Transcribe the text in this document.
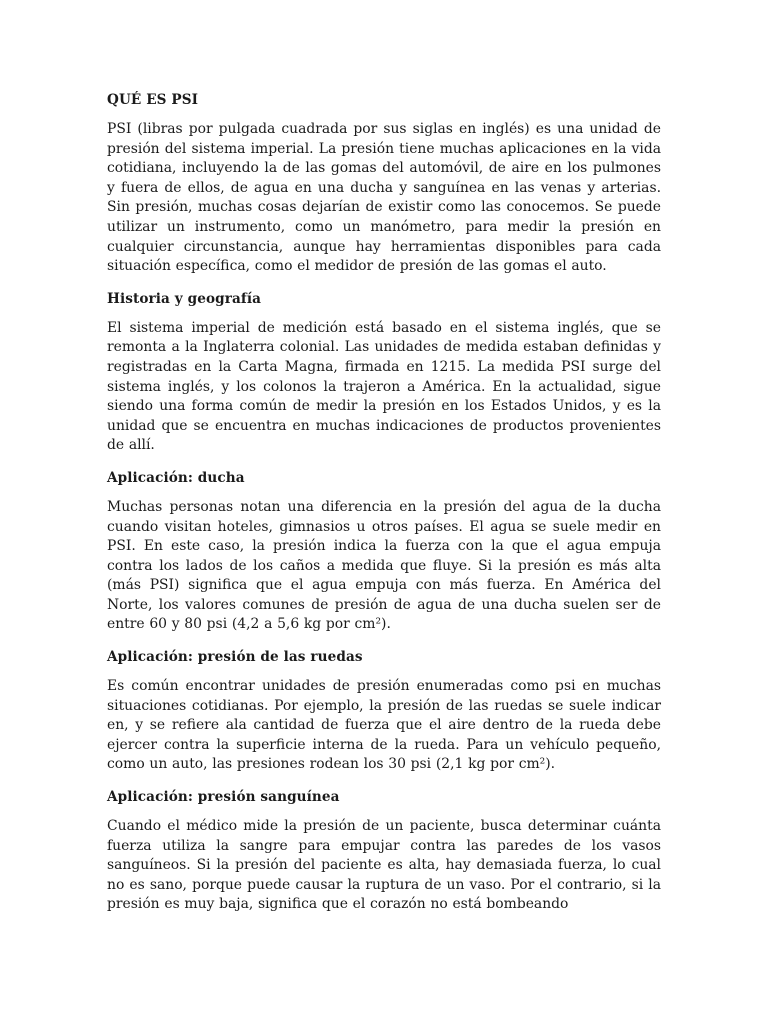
QUÉ ES PSI

PSI (libras por pulgada cuadrada por sus siglas en inglés) es una unidad de presión del sistema imperial. La presión tiene muchas aplicaciones en la vida cotidiana, incluyendo la de las gomas del automóvil, de aire en los pulmones y fuera de ellos, de agua en una ducha y sanguínea en las venas y arterias. Sin presión, muchas cosas dejarían de existir como las conocemos. Se puede utilizar un instrumento, como un manómetro, para medir la presión en cualquier circunstancia, aunque hay herramientas disponibles para cada situación específica, como el medidor de presión de las gomas el auto.

Historia y geografía

El sistema imperial de medición está basado en el sistema inglés, que se remonta a la Inglaterra colonial. Las unidades de medida estaban definidas y registradas en la Carta Magna, firmada en 1215. La medida PSI surge del sistema inglés, y los colonos la trajeron a América. En la actualidad, sigue siendo una forma común de medir la presión en los Estados Unidos, y es la unidad que se encuentra en muchas indicaciones de productos provenientes de allí.

Aplicación: ducha

Muchas personas notan una diferencia en la presión del agua de la ducha cuando visitan hoteles, gimnasios u otros países. El agua se suele medir en PSI. En este caso, la presión indica la fuerza con la que el agua empuja contra los lados de los caños a medida que fluye. Si la presión es más alta (más PSI) significa que el agua empuja con más fuerza. En América del Norte, los valores comunes de presión de agua de una ducha suelen ser de entre 60 y 80 psi (4,2 a 5,6 kg por cm²).

Aplicación: presión de las ruedas

Es común encontrar unidades de presión enumeradas como psi en muchas situaciones cotidianas. Por ejemplo, la presión de las ruedas se suele indicar en, y se refiere ala cantidad de fuerza que el aire dentro de la rueda debe ejercer contra la superficie interna de la rueda. Para un vehículo pequeño, como un auto, las presiones rodean los 30 psi (2,1 kg por cm²).

Aplicación: presión sanguínea

Cuando el médico mide la presión de un paciente, busca determinar cuánta fuerza utiliza la sangre para empujar contra las paredes de los vasos sanguíneos. Si la presión del paciente es alta, hay demasiada fuerza, lo cual no es sano, porque puede causar la ruptura de un vaso. Por el contrario, si la presión es muy baja, significa que el corazón no está bombeando
